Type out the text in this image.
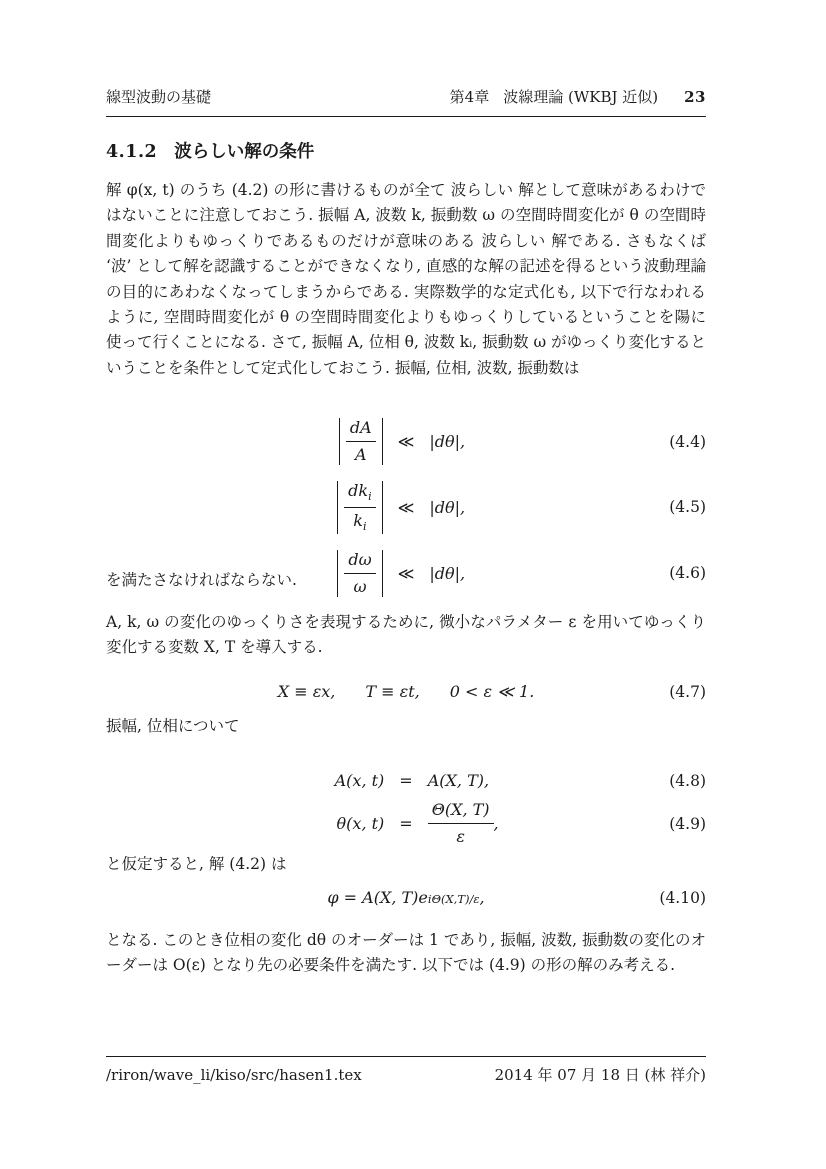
線型波動の基礎	第4章 波線理論 (WKBJ 近似) 23
4.1.2 波らしい解の条件
解 φ(x, t) のうち (4.2) の形に書けるものが全て 波らしい 解として意味があるわけではないことに注意しておこう. 振幅 A, 波数 k, 振動数 ω の空間時間変化が θ の空間時間変化よりもゆっくりであるものだけが意味のある 波らしい 解である. さもなくば ‘波’ として解を認識することができなくなり, 直感的な解の記述を得るという波動理論の目的にあわなくなってしまうからである. 実際数学的な定式化も, 以下で行なわれるように, 空間時間変化が θ の空間時間変化よりもゆっくりしているということを陽に使って行くことになる. さて, 振幅 A, 位相 θ, 波数 kᵢ, 振動数 ω がゆっくり変化するということを条件として定式化しておこう. 振幅, 位相, 波数, 振動数は
$\frac{dA}{A}$ ≪ |dθ|,	(4.4)
$\frac{dk_i}{k_i}$ ≪ |dθ|,	(4.5)
$\frac{d\omega}{\omega}$ ≪ |dθ|,	(4.6)
を満たさなければならない.
A, k, ω の変化のゆっくりさを表現するために, 微小なパラメター ε を用いてゆっくり変化する変数 X, T を導入する.
X ≡ εx, T ≡ εt, 0 < ε ≪ 1.	(4.7)
振幅, 位相について
A(x, t) = A(X, T),	(4.8)
θ(x, $t) = \frac{\Theta(X, T)}{\varepsilon}$ ,	(4.9)
と仮定すると, 解 (4.2) は
φ = A(X, T)e iΘ(X,T)/ε ,	(4.10)
となる. このとき位相の変化 dθ のオーダーは 1 であり, 振幅, 波数, 振動数の変化のオーダーは O(ε) となり先の必要条件を満たす. 以下では (4.9) の形の解のみ考える.
/riron/wave_li/kiso/src/hasen1.tex	2014 年 07 月 18 日 (林 祥介)
